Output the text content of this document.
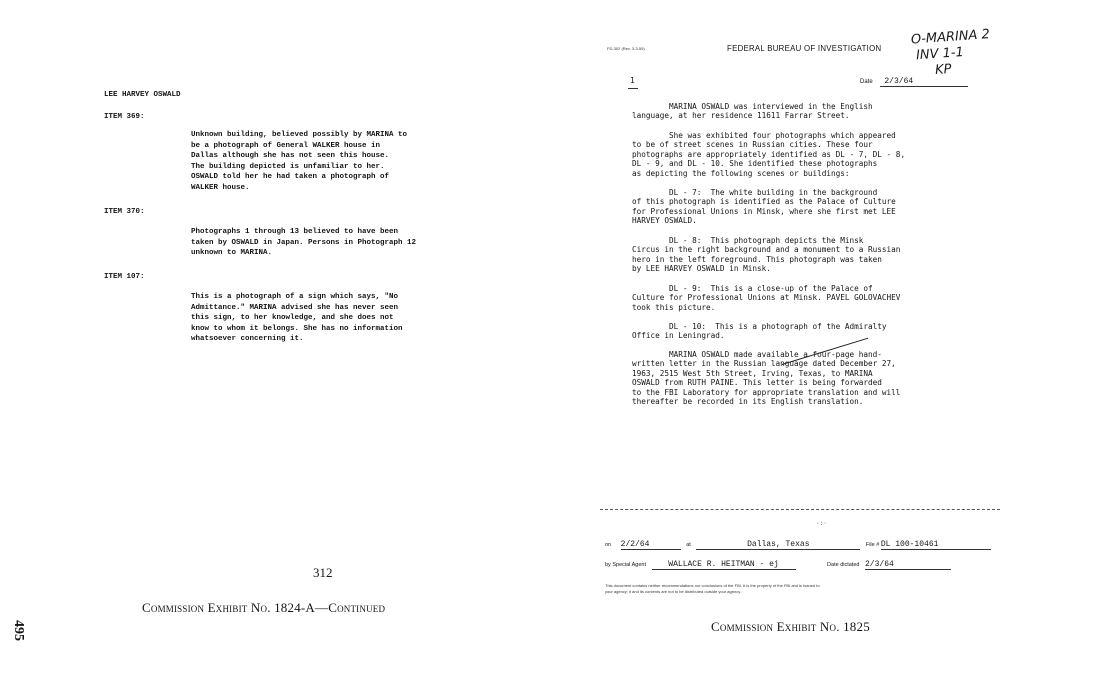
LEE HARVEY OSWALD
ITEM 369:
Unknown building, believed possibly by MARINA to
be a photograph of General WALKER house in
Dallas although she has not seen this house.
The building depicted is unfamiliar to her.
OSWALD told her he had taken a photograph of
WALKER house.
ITEM 370:
Photographs 1 through 13 believed to have been
taken by OSWALD in Japan. Persons in Photograph 12
unknown to MARINA.
ITEM 107:
This is a photograph of a sign which says, "No
Admittance." MARINA advised she has never seen
this sign, to her knowledge, and she does not
know to whom it belongs. She has no information
whatsoever concerning it.
312
Commission Exhibit No. 1824-A—Continued
495
FD-302 (Rev. 3-3-59)	FEDERAL BUREAU OF INVESTIGATION
O-MARINA 2
INV 1-1
KP
1	Date 2/3/64
MARINA OSWALD was interviewed in the English
language, at her residence 11611 Farrar Street.
She was exhibited four photographs which appeared
to be of street scenes in Russian cities. These four
photographs are appropriately identified as DL - 7, DL - 8,
DL - 9, and DL - 10. She identified these photographs
as depicting the following scenes or buildings:
DL - 7:  The white building in the background
of this photograph is identified as the Palace of Culture
for Professional Unions in Minsk, where she first met LEE
HARVEY OSWALD.
DL - 8:  This photograph depicts the Minsk
Circus in the right background and a monument to a Russian
hero in the left foreground. This photograph was taken
by LEE HARVEY OSWALD in Minsk.
DL - 9:  This is a close-up of the Palace of
Culture for Professional Unions at Minsk. PAVEL GOLOVACHEV
took this picture.
DL - 10:  This is a photograph of the Admiralty
Office in Leningrad.
MARINA OSWALD made available a four-page hand-
written letter in the Russian language dated December 27,
1963, 2515 West 5th Street, Irving, Texas, to MARINA
OSWALD from RUTH PAINE. This letter is being forwarded
to the FBI Laboratory for appropriate translation and will
thereafter be recorded in its English translation.
·:·
on 2/2/64	at	Dallas, Texas	File # DL 100-10461
by Special Agent	WALLACE R. HEITMAN - ej	Date dictated 2/3/64
This document contains neither recommendations nor conclusions of the FBI. It is the property of the FBI and is loaned to
your agency; it and its contents are not to be distributed outside your agency.
Commission Exhibit No. 1825
